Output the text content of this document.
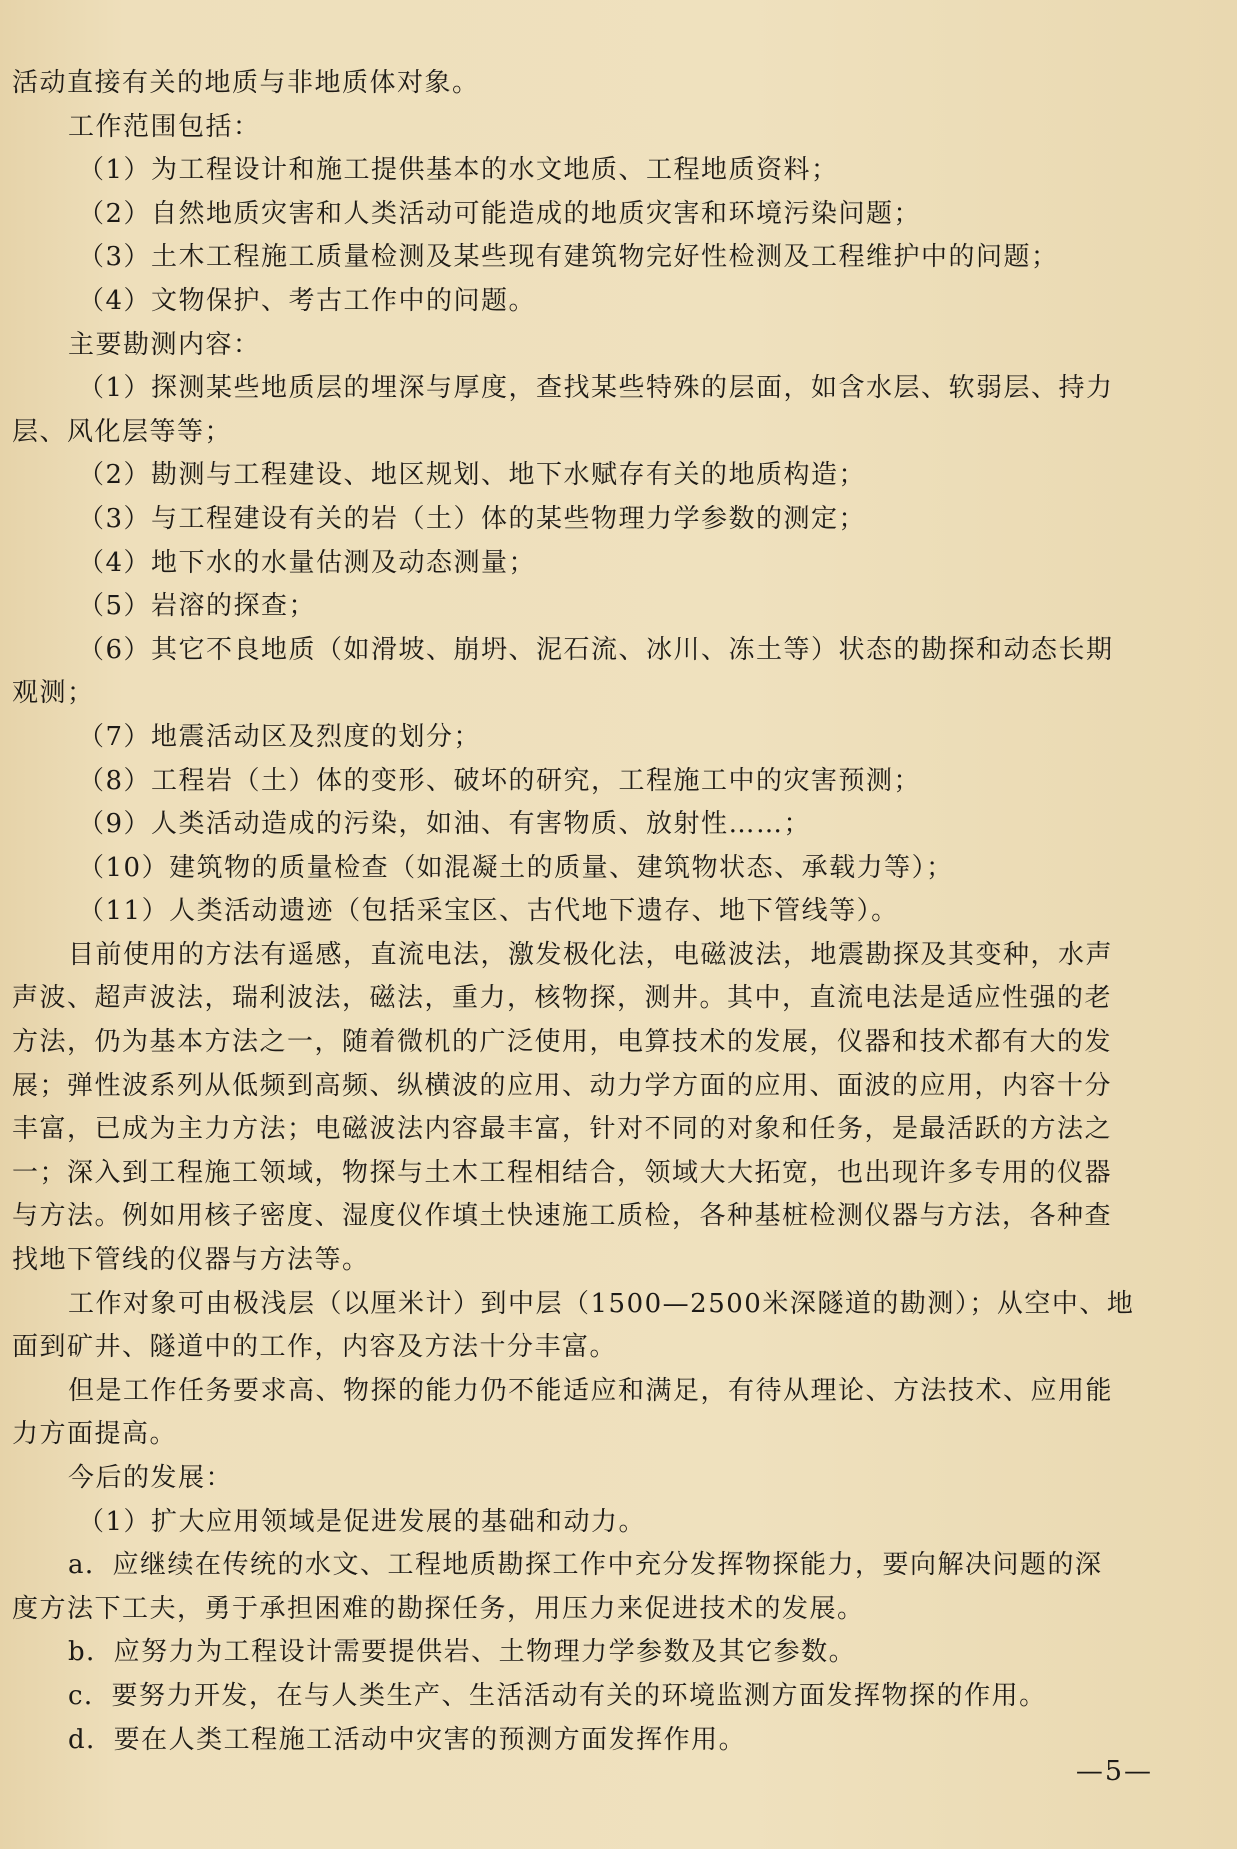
活动直接有关的地质与非地质体对象。

工作范围包括：

（1）为工程设计和施工提供基本的水文地质、工程地质资料；

（2）自然地质灾害和人类活动可能造成的地质灾害和环境污染问题；

（3）土木工程施工质量检测及某些现有建筑物完好性检测及工程维护中的问题；

（4）文物保护、考古工作中的问题。

主要勘测内容：

（1）探测某些地质层的埋深与厚度，查找某些特殊的层面，如含水层、软弱层、持力

层、风化层等等；

（2）勘测与工程建设、地区规划、地下水赋存有关的地质构造；

（3）与工程建设有关的岩（土）体的某些物理力学参数的测定；

（4）地下水的水量估测及动态测量；

（5）岩溶的探查；

（6）其它不良地质（如滑坡、崩坍、泥石流、冰川、冻土等）状态的勘探和动态长期

观测；

（7）地震活动区及烈度的划分；

（8）工程岩（土）体的变形、破坏的研究，工程施工中的灾害预测；

（9）人类活动造成的污染，如油、有害物质、放射性……；

（10）建筑物的质量检查（如混凝土的质量、建筑物状态、承载力等）；

（11）人类活动遗迹（包括采宝区、古代地下遗存、地下管线等）。

目前使用的方法有遥感，直流电法，激发极化法，电磁波法，地震勘探及其变种，水声

声波、超声波法，瑞利波法，磁法，重力，核物探，测井。其中，直流电法是适应性强的老

方法，仍为基本方法之一，随着微机的广泛使用，电算技术的发展，仪器和技术都有大的发

展；弹性波系列从低频到高频、纵横波的应用、动力学方面的应用、面波的应用，内容十分

丰富，已成为主力方法；电磁波法内容最丰富，针对不同的对象和任务，是最活跃的方法之

一；深入到工程施工领域，物探与土木工程相结合，领域大大拓宽，也出现许多专用的仪器

与方法。例如用核子密度、湿度仪作填土快速施工质检，各种基桩检测仪器与方法，各种查

找地下管线的仪器与方法等。

工作对象可由极浅层（以厘米计）到中层（1500—2500米深隧道的勘测）；从空中、地

面到矿井、隧道中的工作，内容及方法十分丰富。

但是工作任务要求高、物探的能力仍不能适应和满足，有待从理论、方法技术、应用能

力方面提高。

今后的发展：

（1）扩大应用领域是促进发展的基础和动力。

a．应继续在传统的水文、工程地质勘探工作中充分发挥物探能力，要向解决问题的深

度方法下工夫，勇于承担困难的勘探任务，用压力来促进技术的发展。

b．应努力为工程设计需要提供岩、土物理力学参数及其它参数。

c．要努力开发，在与人类生产、生活活动有关的环境监测方面发挥物探的作用。

d．要在人类工程施工活动中灾害的预测方面发挥作用。

—5—
